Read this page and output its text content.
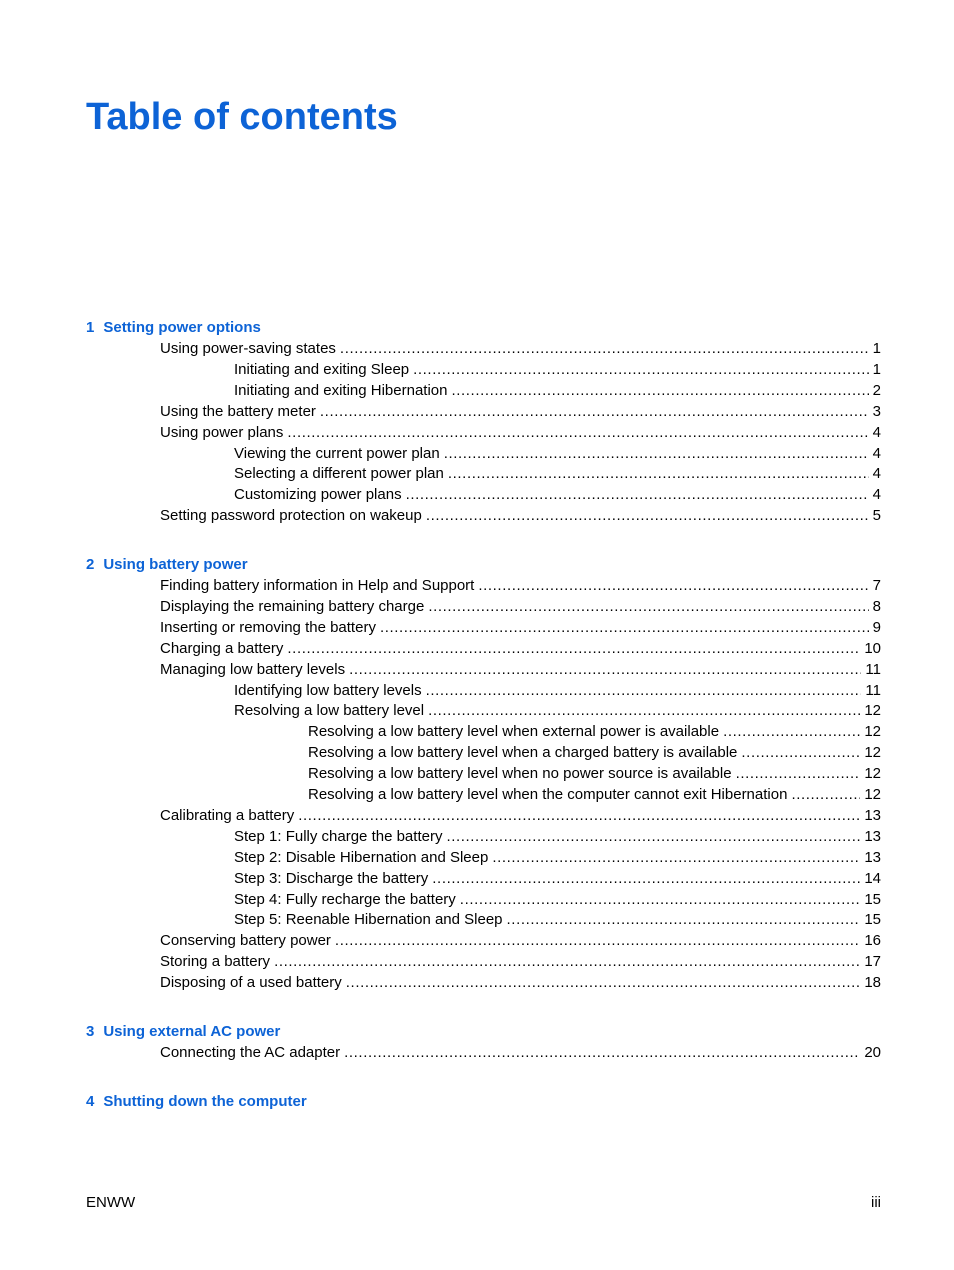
Table of contents
1 Setting power options
Using power-saving states .....	1
Initiating and exiting Sleep .....	1
Initiating and exiting Hibernation .....	2
Using the battery meter .....	3
Using power plans .....	4
Viewing the current power plan .....	4
Selecting a different power plan .....	4
Customizing power plans .....	4
Setting password protection on wakeup .....	5
2 Using battery power
Finding battery information in Help and Support .....	7
Displaying the remaining battery charge .....	8
Inserting or removing the battery .....	9
Charging a battery .....	10
Managing low battery levels .....	11
Identifying low battery levels .....	11
Resolving a low battery level .....	12
Resolving a low battery level when external power is available .....	12
Resolving a low battery level when a charged battery is available .....	12
Resolving a low battery level when no power source is available .....	12
Resolving a low battery level when the computer cannot exit Hibernation .....	12
Calibrating a battery .....	13
Step 1: Fully charge the battery .....	13
Step 2: Disable Hibernation and Sleep .....	13
Step 3: Discharge the battery .....	14
Step 4: Fully recharge the battery .....	15
Step 5: Reenable Hibernation and Sleep .....	15
Conserving battery power .....	16
Storing a battery .....	17
Disposing of a used battery .....	18
3 Using external AC power
Connecting the AC adapter .....	20
4 Shutting down the computer
ENWW	iii
